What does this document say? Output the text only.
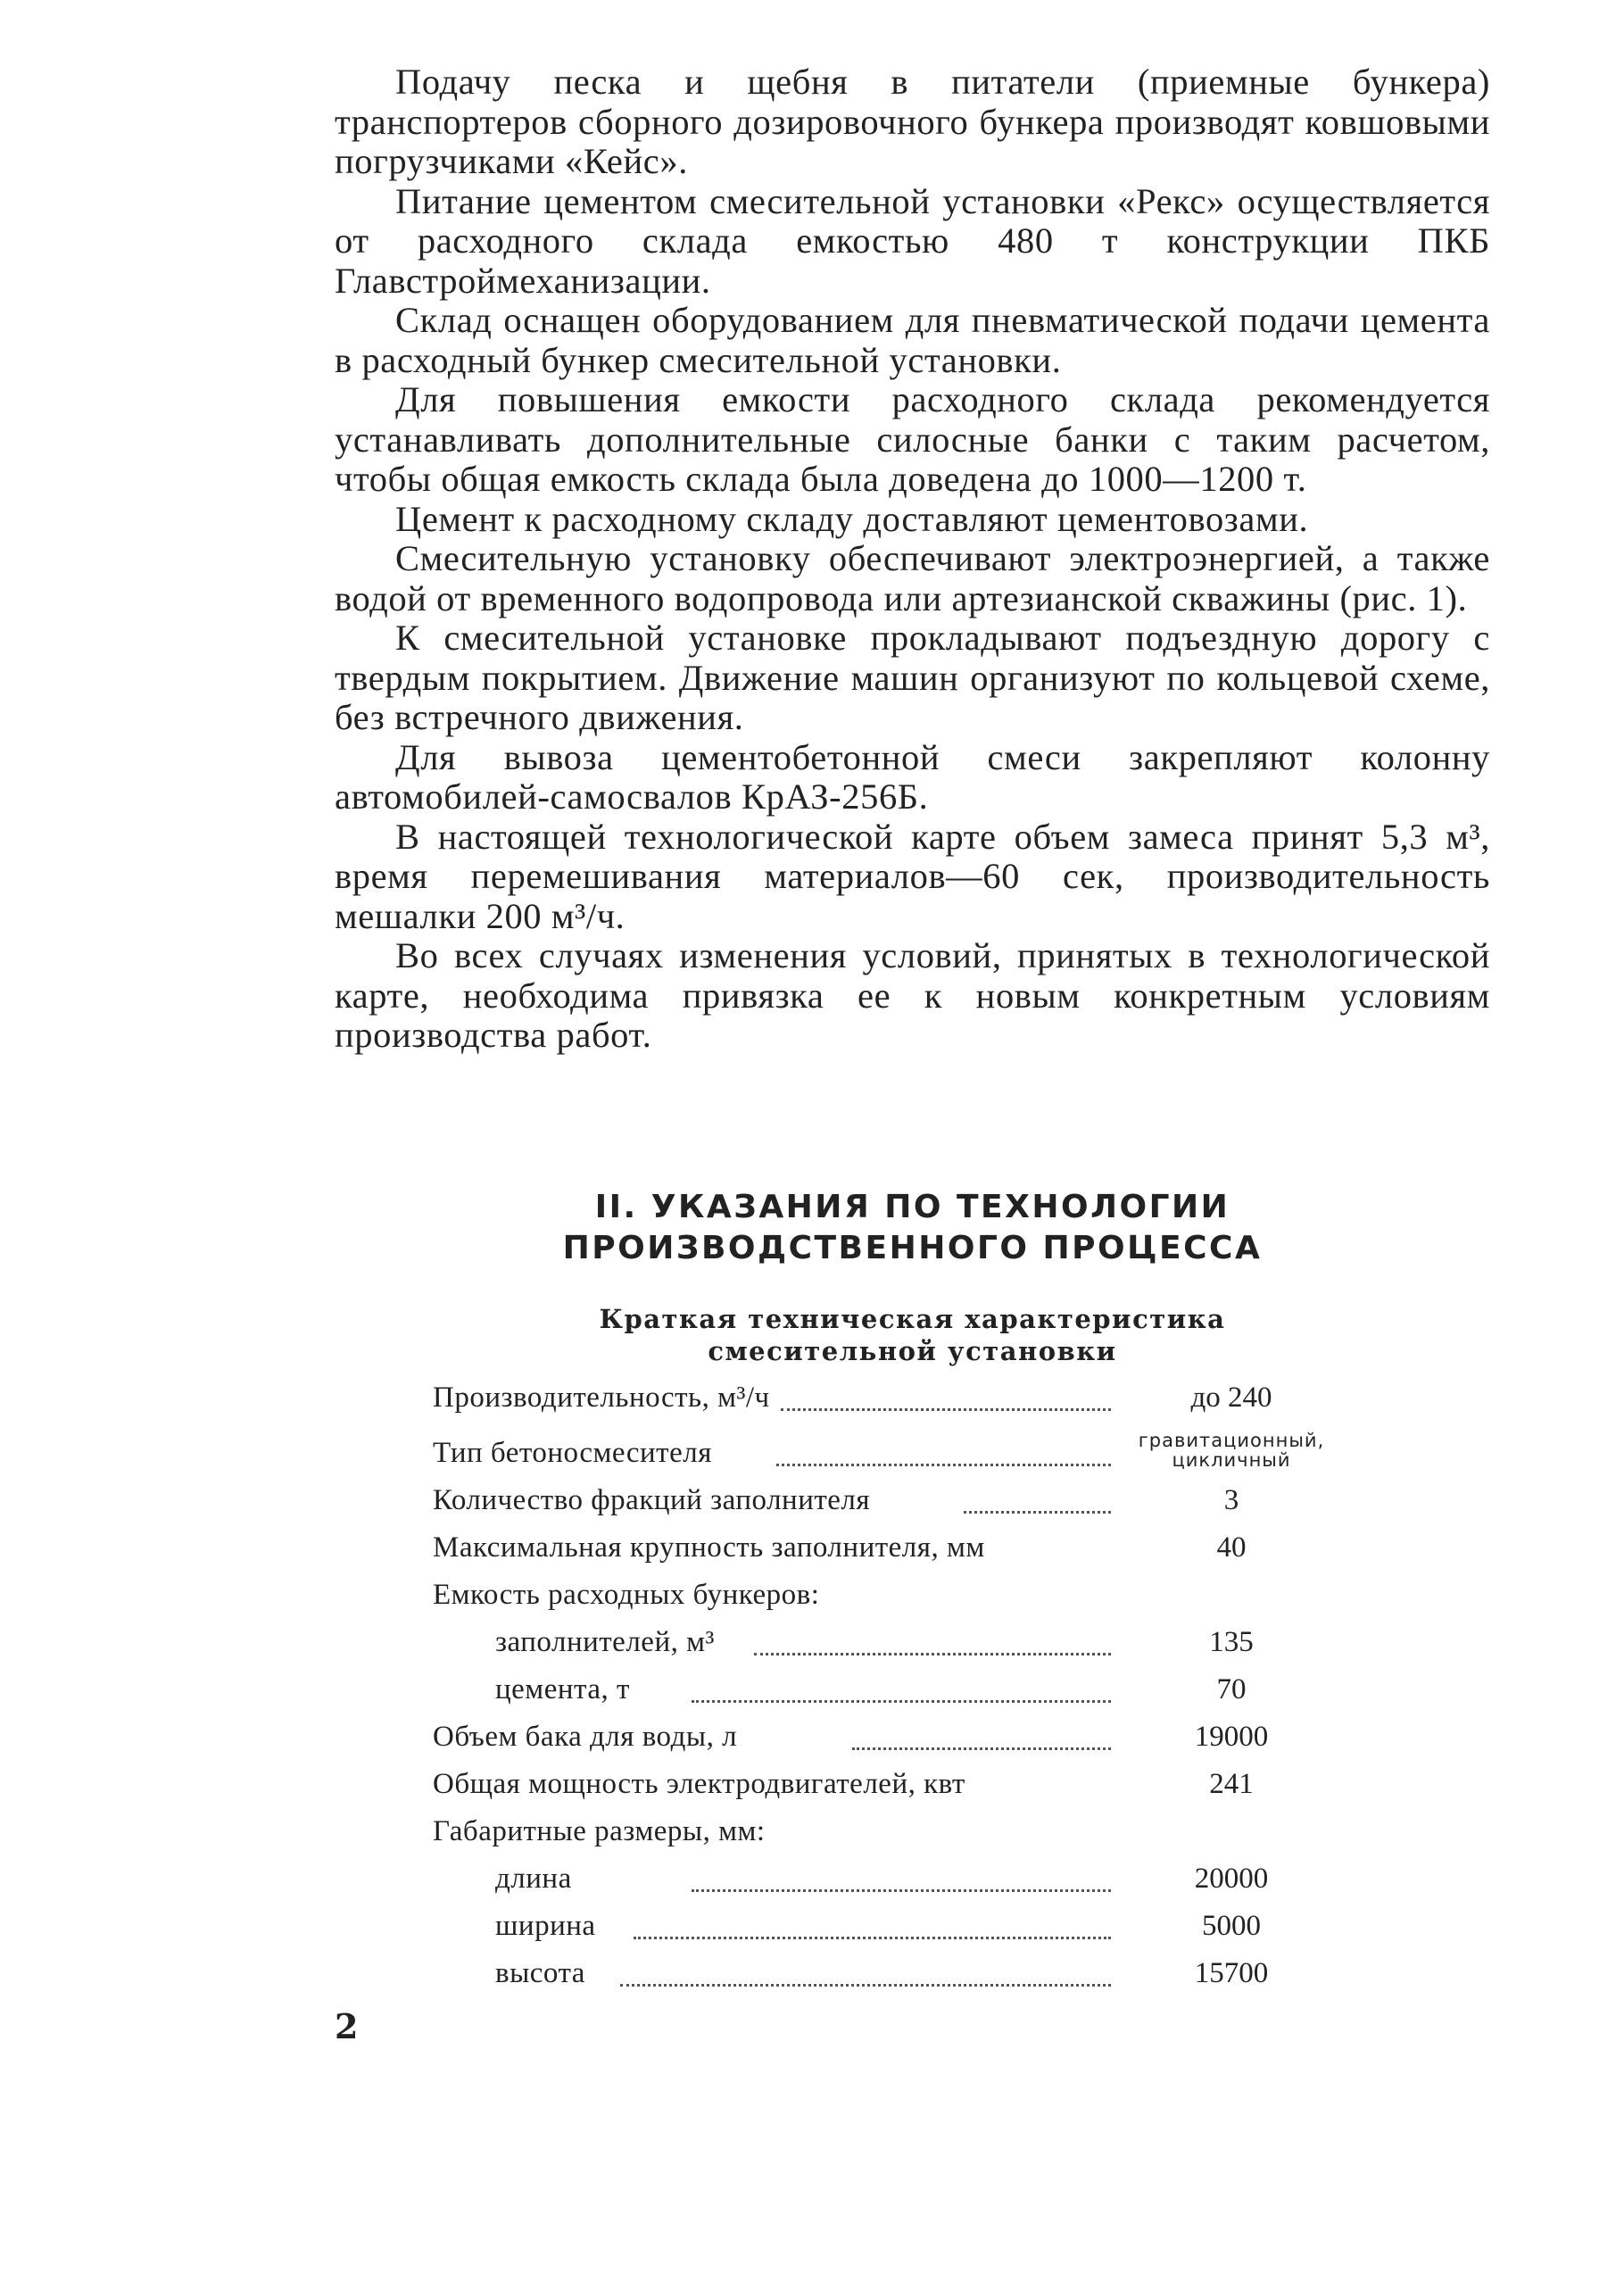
Подачу песка и щебня в питатели (приемные бункера) транспортеров сборного дозировочного бункера производят ковшовыми погрузчиками «Кейс».

Питание цементом смесительной установки «Рекс» осуществляется от расходного склада емкостью 480 т конструкции ПКБ Главстроймеханизации.

Склад оснащен оборудованием для пневматической подачи цемента в расходный бункер смесительной установки.

Для повышения емкости расходного склада рекомендуется устанавливать дополнительные силосные банки с таким расчетом, чтобы общая емкость склада была доведена до 1000—1200 т.

Цемент к расходному складу доставляют цементовозами.

Смесительную установку обеспечивают электроэнергией, а также водой от временного водопровода или артезианской скважины (рис. 1).

К смесительной установке прокладывают подъездную дорогу с твердым покрытием. Движение машин организуют по кольцевой схеме, без встречного движения.

Для вывоза цементобетонной смеси закрепляют колонну автомобилей-самосвалов КрАЗ-256Б.

В настоящей технологической карте объем замеса принят 5,3 м³, время перемешивания материалов—60 сек, производительность мешалки 200 м³/ч.

Во всех случаях изменения условий, принятых в технологической карте, необходима привязка ее к новым конкретным условиям производства работ.

II. УКАЗАНИЯ ПО ТЕХНОЛОГИИ
ПРОИЗВОДСТВЕННОГО ПРОЦЕССА
Краткая техническая характеристика
смесительной установки
Производительность, м³/ч	до 240
Тип бетоносмесителя	гравитационный,
цикличный
Количество фракций заполнителя	3
Максимальная крупность заполнителя, мм	40
Емкость расходных бункеров:
заполнителей, м³	135
цемента, т	70
Объем бака для воды, л	19000
Общая мощность электродвигателей, квт	241
Габаритные размеры, мм:
длина	20000
ширина	5000
высота	15700
2
